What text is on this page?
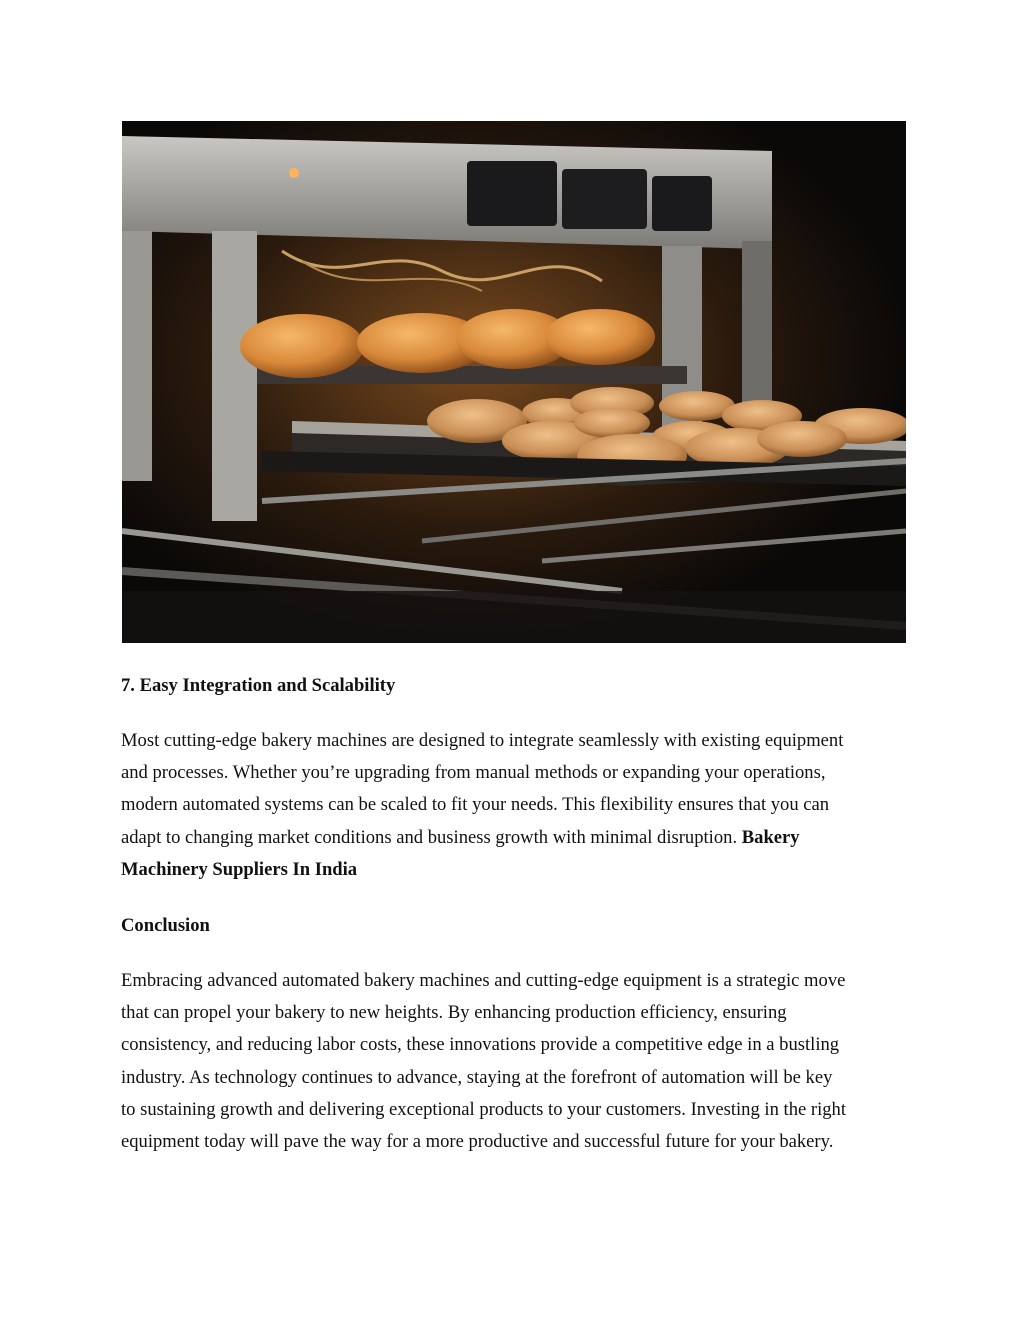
7. Easy Integration and Scalability

Most cutting-edge bakery machines are designed to integrate seamlessly with existing equipment
and processes. Whether you’re upgrading from manual methods or expanding your operations,
modern automated systems can be scaled to fit your needs. This flexibility ensures that you can
adapt to changing market conditions and business growth with minimal disruption. Bakery
Machinery Suppliers In India

Conclusion

Embracing advanced automated bakery machines and cutting-edge equipment is a strategic move
that can propel your bakery to new heights. By enhancing production efficiency, ensuring
consistency, and reducing labor costs, these innovations provide a competitive edge in a bustling
industry. As technology continues to advance, staying at the forefront of automation will be key
to sustaining growth and delivering exceptional products to your customers. Investing in the right
equipment today will pave the way for a more productive and successful future for your bakery.
